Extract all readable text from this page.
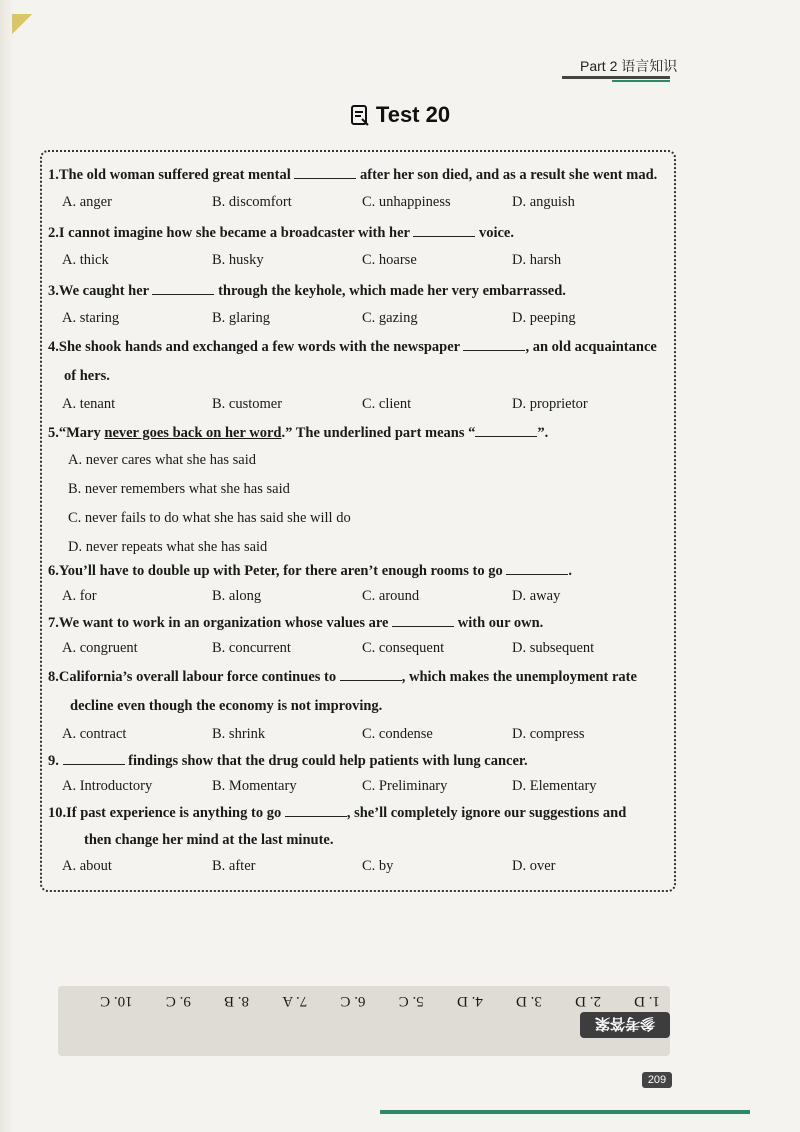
Part 2 语言知识
Test 20
1.The old woman suffered great mental	after her son died, and as a result she went mad.
A. anger	B. discomfort	C. unhappiness	D. anguish
2.I cannot imagine how she became a broadcaster with her	voice.
A. thick	B. husky	C. hoarse	D. harsh
3.We caught her	through the keyhole, which made her very embarrassed.
A. staring	B. glaring	C. gazing	D. peeping
4.She shook hands and exchanged a few words with the newspaper	, an old acquaintance
of hers.
A. tenant	B. customer	C. client	D. proprietor
5.“Mary never goes back on her word.” The underlined part means “	”.
A. never cares what she has said
B. never remembers what she has said
C. never fails to do what she has said she will do
D. never repeats what she has said
6.You’ll have to double up with Peter, for there aren’t enough rooms to go	.
A. for	B. along	C. around	D. away
7.We want to work in an organization whose values are	with our own.
A. congruent	B. concurrent	C. consequent	D. subsequent
8.California’s overall labour force continues to	, which makes the unemployment rate
decline even though the economy is not improving.
A. contract	B. shrink	C. condense	D. compress
9.	findings show that the drug could help patients with lung cancer.
A. Introductory	B. Momentary	C. Preliminary	D. Elementary
10.If past experience is anything to go	, she’ll completely ignore our suggestions and
then change her mind at the last minute.
A. about	B. after	C. by	D. over
1. D
2. D
3. D
4. D
5. C
6. C
7. A
8. B
9. C
10. C
参考答案
209
